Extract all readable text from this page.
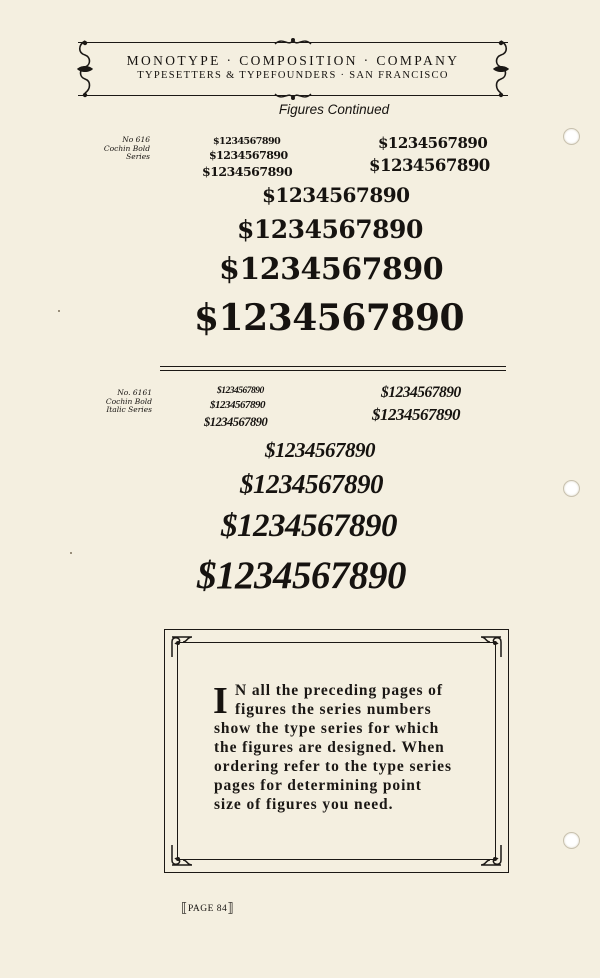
MONOTYPE · COMPOSITION · COMPANY
TYPESETTERS & TYPEFOUNDERS · SAN FRANCISCO
Figures Continued
No 616
Cochin Bold
Series
$1234567890
$1234567890
$1234567890
$1234567890
$1234567890
$1234567890
$1234567890
$1234567890
$1234567890
No. 6161
Cochin Bold
Italic Series
$1234567890
$1234567890
$1234567890
$1234567890
$1234567890
$1234567890
$1234567890
$1234567890
$1234567890
I N all the preceding pages of
figures the series numbers
show the type series for which
the figures are designed. When
ordering refer to the type series
pages for determining point
size of figures you need.
⟦PAGE 84⟧
